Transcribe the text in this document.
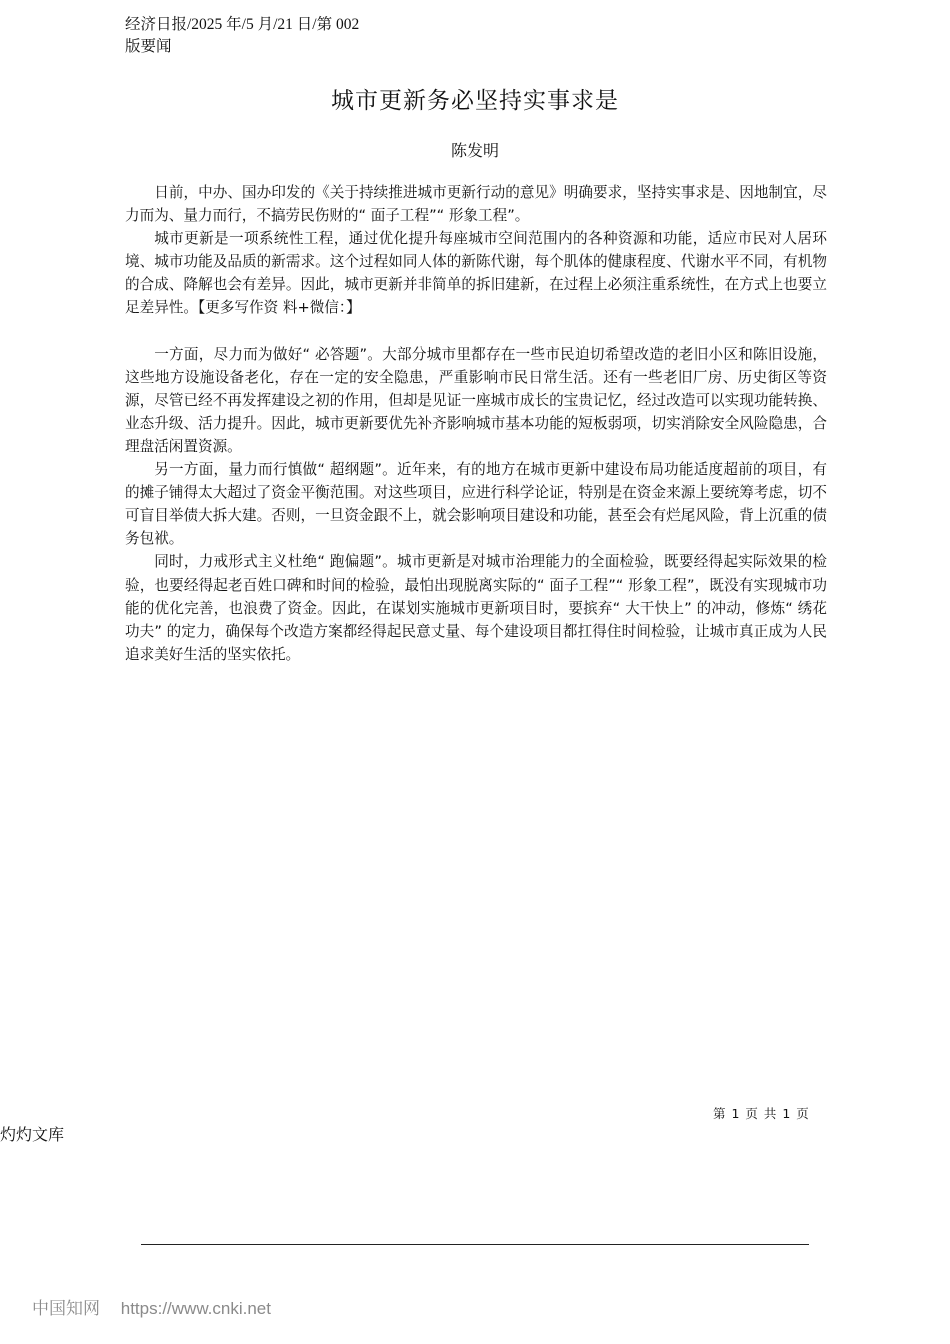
经济日报/2025 年/5 月/21 日/第 002
版要闻
城市更新务必坚持实事求是
陈发明

日前，中办、国办印发的《关于持续推进城市更新行动的意见》明确要求，坚持实事求是、因地制宜，尽力而为、量力而行，不搞劳民伤财的“ 面子工程”“ 形象工程”。

城市更新是一项系统性工程，通过优化提升每座城市空间范围内的各种资源和功能，适应市民对人居环境、城市功能及品质的新需求。这个过程如同人体的新陈代谢，每个肌体的健康程度、代谢水平不同，有机物的合成、降解也会有差异。因此，城市更新并非简单的拆旧建新，在过程上必须注重系统性，在方式上也要立足差异性。【更多写作资 料+微信：】

一方面，尽力而为做好“ 必答题”。大部分城市里都存在一些市民迫切希望改造的老旧小区和陈旧设施，这些地方设施设备老化，存在一定的安全隐患，严重影响市民日常生活。还有一些老旧厂房、历史街区等资源，尽管已经不再发挥建设之初的作用，但却是见证一座城市成长的宝贵记忆，经过改造可以实现功能转换、业态升级、活力提升。因此，城市更新要优先补齐影响城市基本功能的短板弱项，切实消除安全风险隐患，合理盘活闲置资源。

另一方面，量力而行慎做“ 超纲题”。近年来，有的地方在城市更新中建设布局功能适度超前的项目，有的摊子铺得太大超过了资金平衡范围。对这些项目，应进行科学论证，特别是在资金来源上要统筹考虑，切不可盲目举债大拆大建。否则，一旦资金跟不上，就会影响项目建设和功能，甚至会有烂尾风险，背上沉重的债务包袱。

同时，力戒形式主义杜绝“ 跑偏题”。城市更新是对城市治理能力的全面检验，既要经得起实际效果的检验，也要经得起老百姓口碑和时间的检验，最怕出现脱离实际的“ 面子工程”“ 形象工程”，既没有实现城市功能的优化完善，也浪费了资金。因此，在谋划实施城市更新项目时，要摈弃“ 大干快上” 的冲动，修炼“ 绣花功夫” 的定力，确保每个改造方案都经得起民意丈量、每个建设项目都扛得住时间检验，让城市真正成为人民追求美好生活的坚实依托。

第 1 页 共 1 页
灼灼文库
中国知网 https://www.cnki.net
